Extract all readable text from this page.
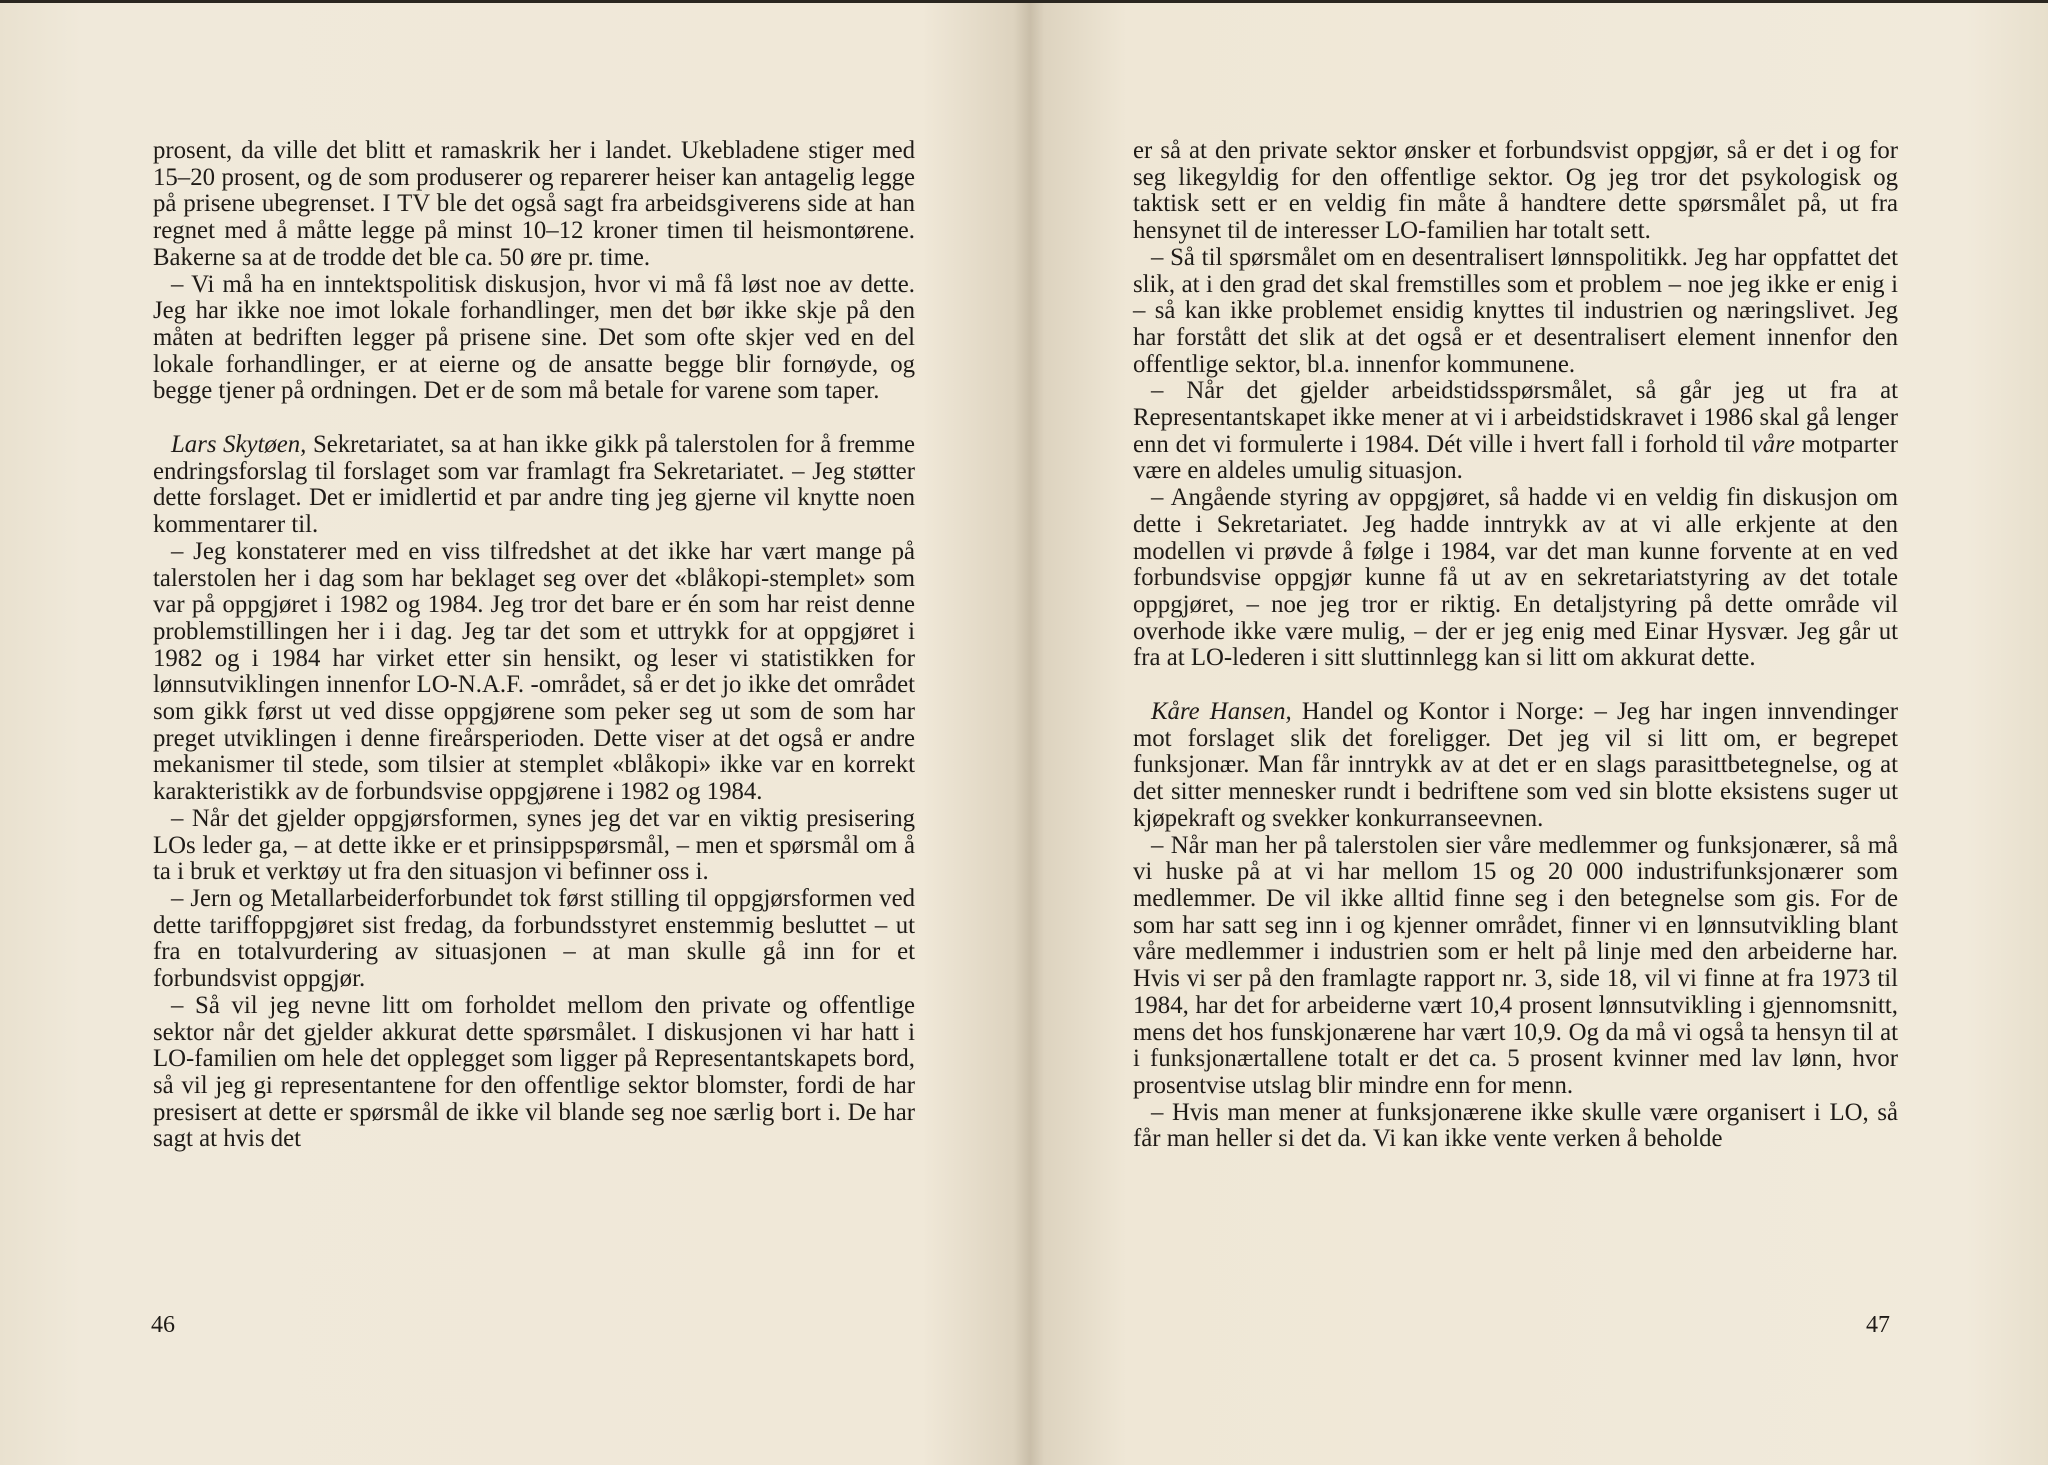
prosent, da ville det blitt et ramaskrik her i landet. Ukebladene stiger med 15–20 prosent, og de som produserer og reparerer heiser kan antagelig legge på prisene ubegrenset. I TV ble det også sagt fra arbeidsgiverens side at han regnet med å måtte legge på minst 10–12 kroner timen til heismontørene. Bakerne sa at de trodde det ble ca. 50 øre pr. time.

– Vi må ha en inntektspolitisk diskusjon, hvor vi må få løst noe av dette. Jeg har ikke noe imot lokale forhandlinger, men det bør ikke skje på den måten at bedriften legger på prisene sine. Det som ofte skjer ved en del lokale forhandlinger, er at eierne og de ansatte begge blir fornøyde, og begge tjener på ordningen. Det er de som må betale for varene som taper.

Lars Skytøen, Sekretariatet, sa at han ikke gikk på talerstolen for å fremme endringsforslag til forslaget som var framlagt fra Sekretariatet. – Jeg støtter dette forslaget. Det er imidlertid et par andre ting jeg gjerne vil knytte noen kommentarer til.

– Jeg konstaterer med en viss tilfredshet at det ikke har vært mange på talerstolen her i dag som har beklaget seg over det «blåkopi-stemplet» som var på oppgjøret i 1982 og 1984. Jeg tror det bare er én som har reist denne problemstillingen her i i dag. Jeg tar det som et uttrykk for at oppgjøret i 1982 og i 1984 har virket etter sin hensikt, og leser vi statistikken for lønnsutviklingen innenfor LO-N.A.F. -området, så er det jo ikke det området som gikk først ut ved disse oppgjørene som peker seg ut som de som har preget utviklingen i denne fireårsperioden. Dette viser at det også er andre mekanismer til stede, som tilsier at stemplet «blåkopi» ikke var en korrekt karakteristikk av de forbundsvise oppgjørene i 1982 og 1984.

– Når det gjelder oppgjørsformen, synes jeg det var en viktig presisering LOs leder ga, – at dette ikke er et prinsippspørsmål, – men et spørsmål om å ta i bruk et verktøy ut fra den situasjon vi befinner oss i.

– Jern og Metallarbeiderforbundet tok først stilling til oppgjørsformen ved dette tariffoppgjøret sist fredag, da forbundsstyret enstemmig besluttet – ut fra en totalvurdering av situasjonen – at man skulle gå inn for et forbundsvist oppgjør.

– Så vil jeg nevne litt om forholdet mellom den private og offentlige sektor når det gjelder akkurat dette spørsmålet. I diskusjonen vi har hatt i LO-familien om hele det opplegget som ligger på Representantskapets bord, så vil jeg gi representantene for den offentlige sektor blomster, fordi de har presisert at dette er spørsmål de ikke vil blande seg noe særlig bort i. De har sagt at hvis det

46

er så at den private sektor ønsker et forbundsvist oppgjør, så er det i og for seg likegyldig for den offentlige sektor. Og jeg tror det psykologisk og taktisk sett er en veldig fin måte å handtere dette spørsmålet på, ut fra hensynet til de interesser LO-familien har totalt sett.

– Så til spørsmålet om en desentralisert lønnspolitikk. Jeg har oppfattet det slik, at i den grad det skal fremstilles som et problem – noe jeg ikke er enig i – så kan ikke problemet ensidig knyttes til industrien og næringslivet. Jeg har forstått det slik at det også er et desentralisert element innenfor den offentlige sektor, bl.a. innenfor kommunene.

– Når det gjelder arbeidstidsspørsmålet, så går jeg ut fra at Representantskapet ikke mener at vi i arbeidstidskravet i 1986 skal gå lenger enn det vi formulerte i 1984. Dét ville i hvert fall i forhold til våre motparter være en aldeles umulig situasjon.

– Angående styring av oppgjøret, så hadde vi en veldig fin diskusjon om dette i Sekretariatet. Jeg hadde inntrykk av at vi alle erkjente at den modellen vi prøvde å følge i 1984, var det man kunne forvente at en ved forbundsvise oppgjør kunne få ut av en sekretariatstyring av det totale oppgjøret, – noe jeg tror er riktig. En detaljstyring på dette område vil overhode ikke være mulig, – der er jeg enig med Einar Hysvær. Jeg går ut fra at LO-lederen i sitt sluttinnlegg kan si litt om akkurat dette.

Kåre Hansen, Handel og Kontor i Norge: – Jeg har ingen innvendinger mot forslaget slik det foreligger. Det jeg vil si litt om, er begrepet funksjonær. Man får inntrykk av at det er en slags parasittbetegnelse, og at det sitter mennesker rundt i bedriftene som ved sin blotte eksistens suger ut kjøpekraft og svekker konkurranseevnen.

– Når man her på talerstolen sier våre medlemmer og funksjonærer, så må vi huske på at vi har mellom 15 og 20 000 industrifunksjonærer som medlemmer. De vil ikke alltid finne seg i den betegnelse som gis. For de som har satt seg inn i og kjenner området, finner vi en lønnsutvikling blant våre medlemmer i industrien som er helt på linje med den arbeiderne har. Hvis vi ser på den framlagte rapport nr. 3, side 18, vil vi finne at fra 1973 til 1984, har det for arbeiderne vært 10,4 prosent lønnsutvikling i gjennomsnitt, mens det hos funskjonærene har vært 10,9. Og da må vi også ta hensyn til at i funksjonærtallene totalt er det ca. 5 prosent kvinner med lav lønn, hvor prosentvise utslag blir mindre enn for menn.

– Hvis man mener at funksjonærene ikke skulle være organisert i LO, så får man heller si det da. Vi kan ikke vente verken å beholde

47
